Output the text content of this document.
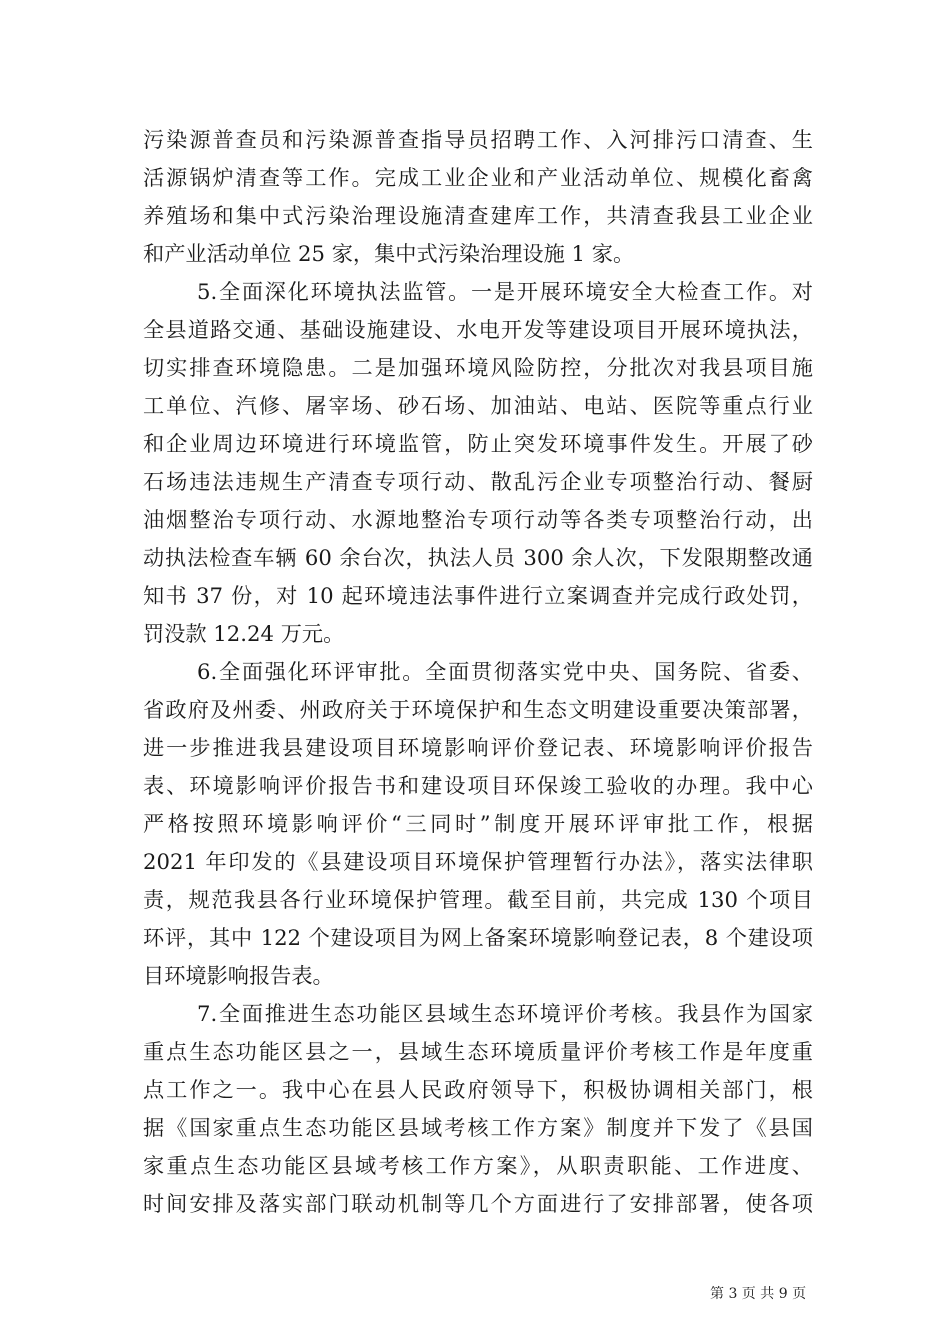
污染源普查员和污染源普查指导员招聘工作、入河排污口清查、生
活源锅炉清查等工作。完成工业企业和产业活动单位、规模化畜禽
养殖场和集中式污染治理设施清查建库工作，共清查我县工业企业
和产业活动单位 25 家，集中式污染治理设施 1 家。
5.全面深化环境执法监管。一是开展环境安全大检查工作。对
全县道路交通、基础设施建设、水电开发等建设项目开展环境执法，
切实排查环境隐患。二是加强环境风险防控，分批次对我县项目施
工单位、汽修、屠宰场、砂石场、加油站、电站、医院等重点行业
和企业周边环境进行环境监管，防止突发环境事件发生。开展了砂
石场违法违规生产清查专项行动、散乱污企业专项整治行动、餐厨
油烟整治专项行动、水源地整治专项行动等各类专项整治行动，出
动执法检查车辆 60 余台次，执法人员 300 余人次，下发限期整改通
知书 37 份，对 10 起环境违法事件进行立案调查并完成行政处罚，
罚没款 12.24 万元。
6.全面强化环评审批。全面贯彻落实党中央、国务院、省委、
省政府及州委、州政府关于环境保护和生态文明建设重要决策部署，
进一步推进我县建设项目环境影响评价登记表、环境影响评价报告
表、环境影响评价报告书和建设项目环保竣工验收的办理。我中心
严格按照环境影响评价“三同时”制度开展环评审批工作，根据
2021 年印发的《县建设项目环境保护管理暂行办法》，落实法律职
责，规范我县各行业环境保护管理。截至目前，共完成 130 个项目
环评，其中 122 个建设项目为网上备案环境影响登记表，8 个建设项
目环境影响报告表。
7.全面推进生态功能区县域生态环境评价考核。我县作为国家
重点生态功能区县之一，县域生态环境质量评价考核工作是年度重
点工作之一。我中心在县人民政府领导下，积极协调相关部门，根
据《国家重点生态功能区县域考核工作方案》制度并下发了《县国
家重点生态功能区县域考核工作方案》，从职责职能、工作进度、
时间安排及落实部门联动机制等几个方面进行了安排部署，使各项
第 3 页 共 9 页
